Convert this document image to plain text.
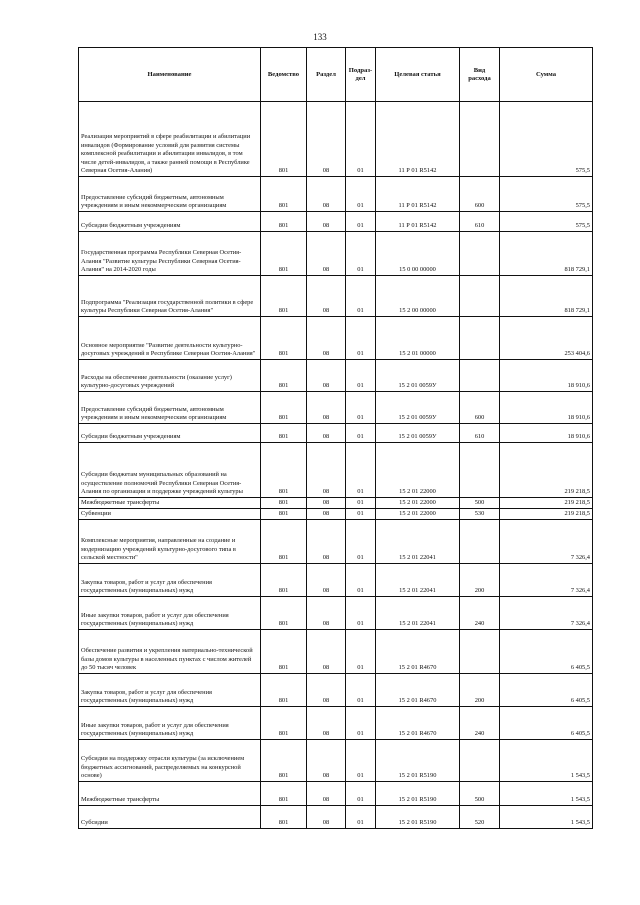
133
Наименование	Ведомство	Раздел	Подраз-
дел	Целевая статья	Вид
расхода	Сумма
Реализация мероприятий в сфере реабилитации и абилитации инвалидов (Формирование условий для развития системы комплексной реабилитации и абилитации инвалидов, в том числе детей-инвалидов, а также ранней помощи в Республике Северная Осетия-Алания)	801	08	01	11 Р 01 R5142		575,5
Предоставление субсидий бюджетным, автономным учреждениям и иным некоммерческим организациям	801	08	01	11 Р 01 R5142	600	575,5
Субсидии бюджетным учреждениям	801	08	01	11 Р 01 R5142	610	575,5
Государственная программа Республики Северная Осетия-Алания "Развитие культуры Республики Северная Осетия-Алания" на 2014-2020 годы	801	08	01	15 0 00 00000		818 729,1
Подпрограмма "Реализация государственной политики в сфере культуры Республики Северная Осетия-Алания"	801	08	01	15 2 00 00000		818 729,1
Основное мероприятие "Развитие деятельности культурно-досуговых учреждений в Республике Северная Осетия-Алания"	801	08	01	15 2 01 00000		253 404,6
Расходы на обеспечение деятельности (оказание услуг) культурно-досуговых учреждений	801	08	01	15 2 01 0059У		18 910,6
Предоставление субсидий бюджетным, автономным учреждениям и иным некоммерческим организациям	801	08	01	15 2 01 0059У	600	18 910,6
Субсидии бюджетным учреждениям	801	08	01	15 2 01 0059У	610	18 910,6
Субсидии бюджетам муниципальных образований на осуществление полномочий Республики Северная Осетия-Алания по организации и поддержке учреждений культуры	801	08	01	15 2 01 22000		219 218,5
Межбюджетные трансферты	801	08	01	15 2 01 22000	500	219 218,5
Субвенции	801	08	01	15 2 01 22000	530	219 218,5
Комплексные мероприятия, направленные на создание и модернизацию учреждений культурно-досугового типа в сельской местности"	801	08	01	15 2 01 22041		7 326,4
Закупка товаров, работ и услуг для обеспечения государственных (муниципальных) нужд	801	08	01	15 2 01 22041	200	7 326,4
Иные закупки товаров, работ и услуг для обеспечения государственных (муниципальных) нужд	801	08	01	15 2 01 22041	240	7 326,4
Обеспечение развития и укрепления материально-технической базы домов культуры в населенных пунктах с числом жителей до 50 тысяч человек	801	08	01	15 2 01 R4670		6 405,5
Закупка товаров, работ и услуг для обеспечения государственных (муниципальных) нужд	801	08	01	15 2 01 R4670	200	6 405,5
Иные закупки товаров, работ и услуг для обеспечения государственных (муниципальных) нужд	801	08	01	15 2 01 R4670	240	6 405,5
Субсидии на поддержку отрасли культуры (за исключением бюджетных ассигнований, распределяемых на конкурсной основе)	801	08	01	15 2 01 R5190		1 543,5
Межбюджетные трансферты	801	08	01	15 2 01 R5190	500	1 543,5
Субсидии	801	08	01	15 2 01 R5190	520	1 543,5
